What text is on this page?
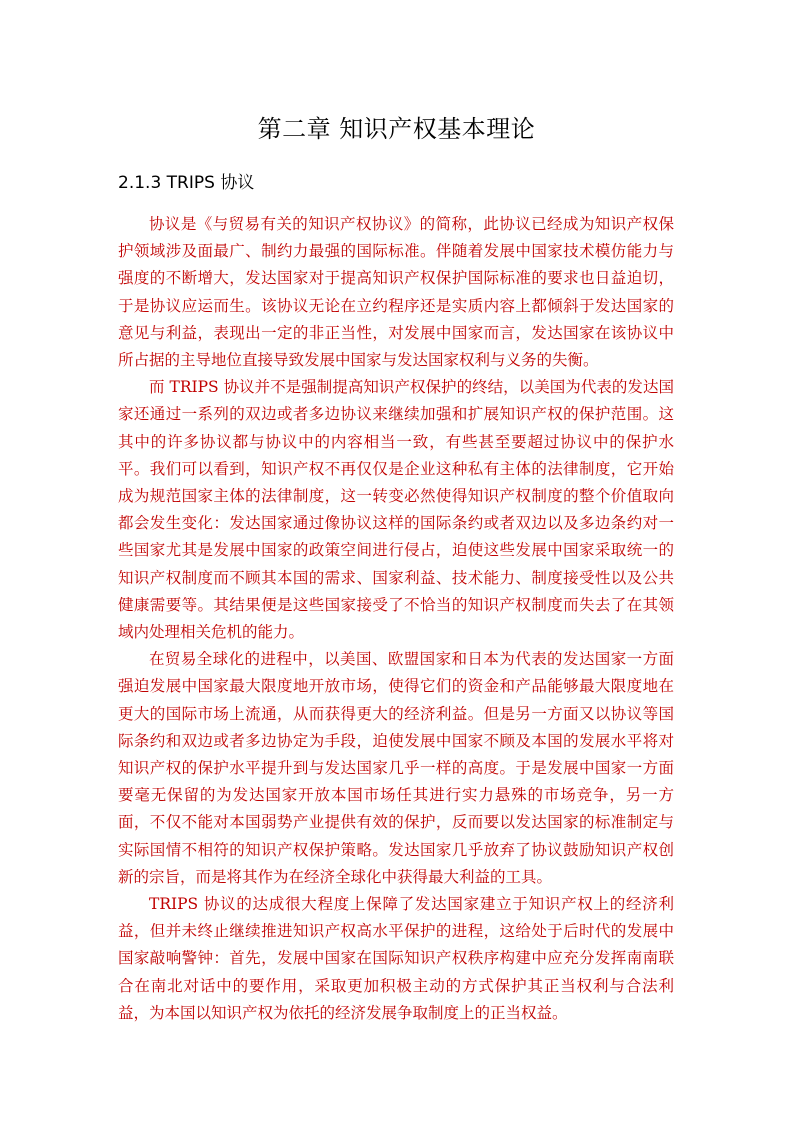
第二章 知识产权基本理论
2.1.3 TRIPS 协议

协议是《与贸易有关的知识产权协议》的简称，此协议已经成为知识产权保护领域涉及面最广、制约力最强的国际标准。伴随着发展中国家技术模仿能力与强度的不断增大，发达国家对于提高知识产权保护国际标准的要求也日益迫切，于是协议应运而生。该协议无论在立约程序还是实质内容上都倾斜于发达国家的意见与利益，表现出一定的非正当性，对发展中国家而言，发达国家在该协议中所占据的主导地位直接导致发展中国家与发达国家权利与义务的失衡。

而 TRIPS 协议并不是强制提高知识产权保护的终结，以美国为代表的发达国家还通过一系列的双边或者多边协议来继续加强和扩展知识产权的保护范围。这其中的许多协议都与协议中的内容相当一致，有些甚至要超过协议中的保护水平。我们可以看到，知识产权不再仅仅是企业这种私有主体的法律制度，它开始成为规范国家主体的法律制度，这一转变必然使得知识产权制度的整个价值取向都会发生变化：发达国家通过像协议这样的国际条约或者双边以及多边条约对一些国家尤其是发展中国家的政策空间进行侵占，迫使这些发展中国家采取统一的知识产权制度而不顾其本国的需求、国家利益、技术能力、制度接受性以及公共健康需要等。其结果便是这些国家接受了不恰当的知识产权制度而失去了在其领域内处理相关危机的能力。

在贸易全球化的进程中，以美国、欧盟国家和日本为代表的发达国家一方面强迫发展中国家最大限度地开放市场，使得它们的资金和产品能够最大限度地在更大的国际市场上流通，从而获得更大的经济利益。但是另一方面又以协议等国际条约和双边或者多边协定为手段，迫使发展中国家不顾及本国的发展水平将对知识产权的保护水平提升到与发达国家几乎一样的高度。于是发展中国家一方面要毫无保留的为发达国家开放本国市场任其进行实力悬殊的市场竞争，另一方面，不仅不能对本国弱势产业提供有效的保护，反而要以发达国家的标准制定与实际国情不相符的知识产权保护策略。发达国家几乎放弃了协议鼓励知识产权创新的宗旨，而是将其作为在经济全球化中获得最大利益的工具。

TRIPS 协议的达成很大程度上保障了发达国家建立于知识产权上的经济利益，但并未终止继续推进知识产权高水平保护的进程，这给处于后时代的发展中国家敲响警钟：首先，发展中国家在国际知识产权秩序构建中应充分发挥南南联合在南北对话中的要作用，采取更加积极主动的方式保护其正当权利与合法利益，为本国以知识产权为依托的经济发展争取制度上的正当权益。
